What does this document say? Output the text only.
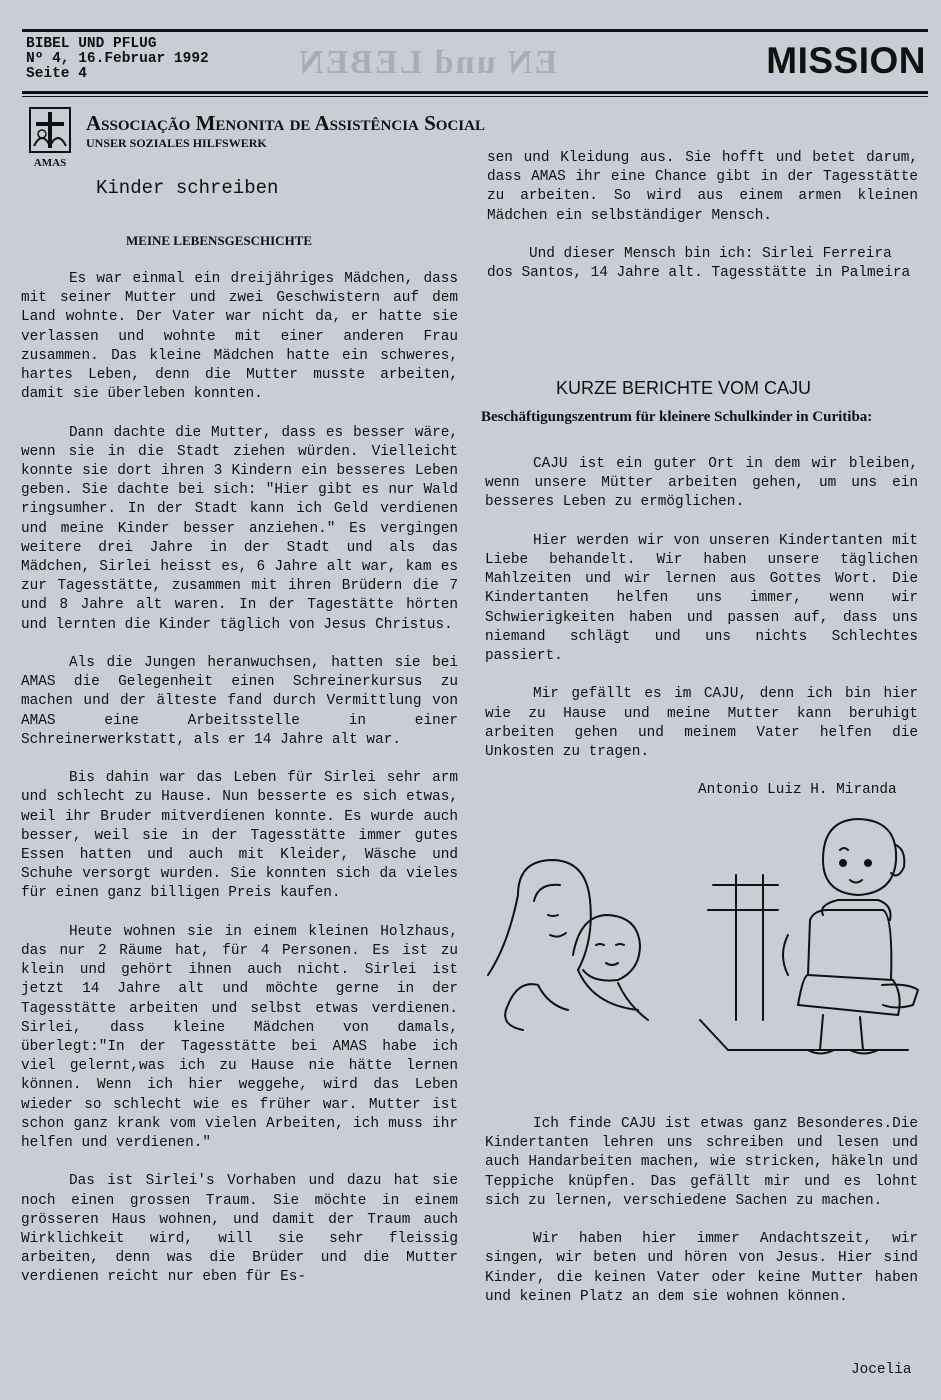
EN und LEBEN
BIBEL UND PFLUG
Nº 4, 16.Februar 1992
Seite 4	MISSION
AMAS
Associação Menonita de Assistência Social
UNSER SOZIALES HILFSWERK
Kinder schreiben
MEINE LEBENSGESCHICHTE

Es war einmal ein dreijähriges Mädchen, dass mit seiner Mutter und zwei Geschwistern auf dem Land wohnte. Der Vater war nicht da, er hatte sie verlassen und wohnte mit einer anderen Frau zusammen. Das kleine Mädchen hatte ein schweres, hartes Leben, denn die Mutter musste arbeiten, damit sie überleben konnten.

Dann dachte die Mutter, dass es besser wäre, wenn sie in die Stadt ziehen würden. Vielleicht konnte sie dort ihren 3 Kindern ein besseres Leben geben. Sie dachte bei sich: "Hier gibt es nur Wald ringsumher. In der Stadt kann ich Geld verdienen und meine Kinder besser anziehen." Es vergingen weitere drei Jahre in der Stadt und als das Mädchen, Sirlei heisst es, 6 Jahre alt war, kam es zur Tagesstätte, zusammen mit ihren Brüdern die 7 und 8 Jahre alt waren. In der Tagestätte hörten und lernten die Kinder täglich von Jesus Christus.

Als die Jungen heranwuchsen, hatten sie bei AMAS die Gelegenheit einen Schreinerkursus zu machen und der älteste fand durch Vermittlung von AMAS eine Arbeitsstelle in einer Schreinerwerkstatt, als er 14 Jahre alt war.

Bis dahin war das Leben für Sirlei sehr arm und schlecht zu Hause. Nun besserte es sich etwas, weil ihr Bruder mitverdienen konnte. Es wurde auch besser, weil sie in der Tagesstätte immer gutes Essen hatten und auch mit Kleider, Wäsche und Schuhe versorgt wurden. Sie konnten sich da vieles für einen ganz billigen Preis kaufen.

Heute wohnen sie in einem kleinen Holzhaus, das nur 2 Räume hat, für 4 Personen. Es ist zu klein und gehört ihnen auch nicht. Sirlei ist jetzt 14 Jahre alt und möchte gerne in der Tagesstätte arbeiten und selbst etwas verdienen. Sirlei, dass kleine Mädchen von damals, überlegt:"In der Tagesstätte bei AMAS habe ich viel gelernt,was ich zu Hause nie hätte lernen können. Wenn ich hier weggehe, wird das Leben wieder so schlecht wie es früher war. Mutter ist schon ganz krank vom vielen Arbeiten, ich muss ihr helfen und verdienen."

Das ist Sirlei's Vorhaben und dazu hat sie noch einen grossen Traum. Sie möchte in einem grösseren Haus wohnen, und damit der Traum auch Wirklichkeit wird, will sie sehr fleissig arbeiten, denn was die Brüder und die Mutter verdienen reicht nur eben für Es-

sen und Kleidung aus. Sie hofft und betet darum, dass AMAS ihr eine Chance gibt in der Tagesstätte zu arbeiten. So wird aus einem armen kleinen Mädchen ein selbständiger Mensch.

Und dieser Mensch bin ich: Sirlei Ferreira dos Santos, 14 Jahre alt. Tagesstätte in Palmeira

KURZE BERICHTE VOM CAJU
Beschäftigungszentrum für kleinere Schulkinder in Curitiba:

CAJU ist ein guter Ort in dem wir bleiben, wenn unsere Mütter arbeiten gehen, um uns ein besseres Leben zu ermöglichen.

Hier werden wir von unseren Kindertanten mit Liebe behandelt. Wir haben unsere täglichen Mahlzeiten und wir lernen aus Gottes Wort. Die Kindertanten helfen uns immer, wenn wir Schwierigkeiten haben und passen auf, dass uns niemand schlägt und uns nichts Schlechtes passiert.

Mir gefällt es im CAJU, denn ich bin hier wie zu Hause und meine Mutter kann beruhigt arbeiten gehen und meinem Vater helfen die Unkosten zu tragen.

Antonio Luiz H. Miranda

Ich finde CAJU ist etwas ganz Besonderes.Die Kindertanten lehren uns schreiben und lesen und auch Handarbeiten machen, wie stricken, häkeln und Teppiche knüpfen. Das gefällt mir und es lohnt sich zu lernen, verschiedene Sachen zu machen.

Wir haben hier immer Andachtszeit, wir singen, wir beten und hören von Jesus. Hier sind Kinder, die keinen Vater oder keine Mutter haben und keinen Platz an dem sie wohnen können.

Jocelia
